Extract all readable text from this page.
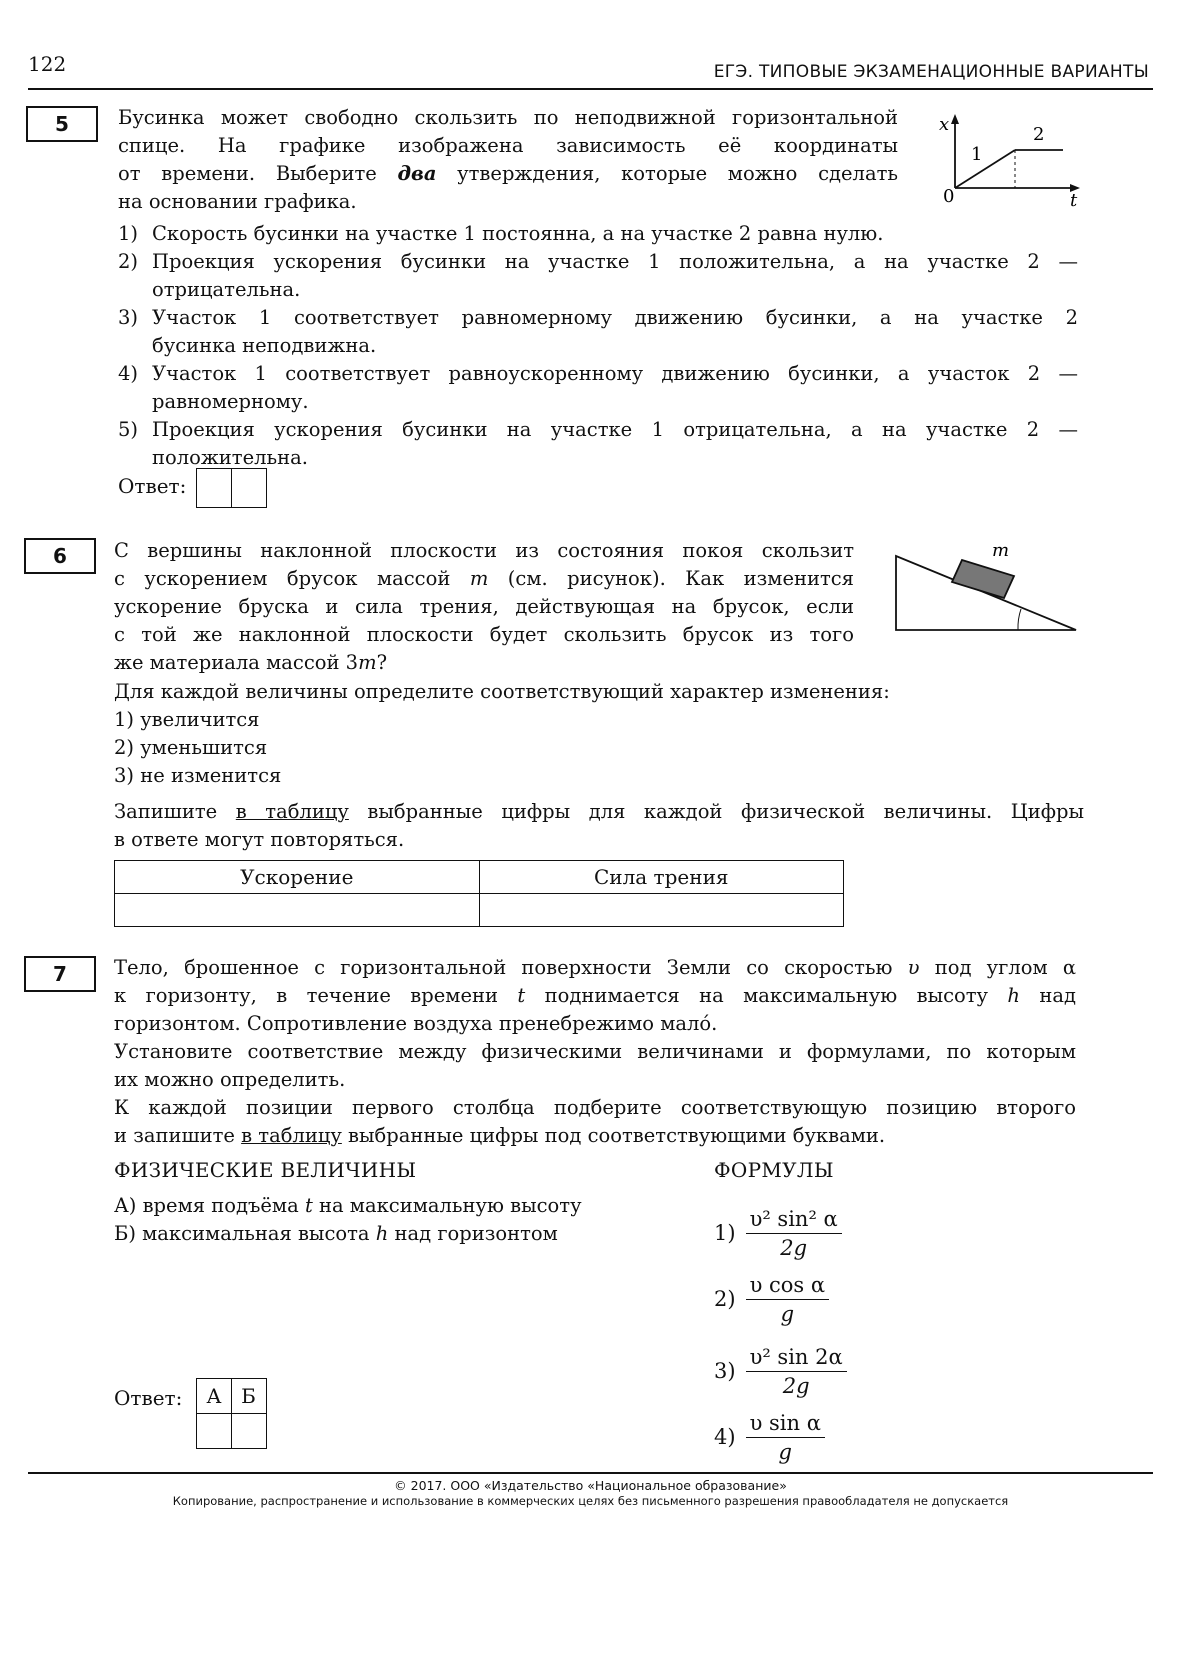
122	ЕГЭ. ТИПОВЫЕ ЭКЗАМЕНАЦИОННЫЕ ВАРИАНТЫ
5	Бусинка может свободно скользить по неподвижной горизонтальной
спице. На графике изображена зависимость её координаты
от времени. Выберите два утверждения, которые можно сделать
на основании графика.
x
t
0
1
2
1) Скорость бусинки на участке 1 постоянна, а на участке 2 равна нулю.
2) Проекция ускорения бусинки на участке 1 положительна, а на участке 2 —
отрицательна.
3) Участок 1 соответствует равномерному движению бусинки, а на участке 2
бусинка неподвижна.
4) Участок 1 соответствует равноускоренному движению бусинки, а участок 2 —
равномерному.
5) Проекция ускорения бусинки на участке 1 отрицательна, а на участке 2 —
положительна.
Ответ:
6	С вершины наклонной плоскости из состояния покоя скользит
с ускорением брусок массой m (см. рисунок). Как изменится
ускорение бруска и сила трения, действующая на брусок, если
с той же наклонной плоскости будет скользить брусок из того
же материала массой 3m?
m
Для каждой величины определите соответствующий характер изменения:
1) увеличится
2) уменьшится
3) не изменится
Запишите в таблицу выбранные цифры для каждой физической величины. Цифры
в ответе могут повторяться.
Ускорение	Сила трения

7	Тело, брошенное с горизонтальной поверхности Земли со скоростью υ под углом α
к горизонту, в течение времени t поднимается на максимальную высоту h над
горизонтом. Сопротивление воздуха пренебрежимо мало́.
Установите соответствие между физическими величинами и формулами, по которым
их можно определить.
К каждой позиции первого столбца подберите соответствующую позицию второго
и запишите в таблицу выбранные цифры под соответствующими буквами.
ФИЗИЧЕСКИЕ ВЕЛИЧИНЫ	ФОРМУЛЫ
А) время подъёма t на максимальную высоту
Б) максимальная высота h над горизонтом	$1) \frac{\text{υ² sin² α}}{2g}$
$2) \frac{\text{υ cos α}}{g}$
$3) \frac{\text{υ² sin 2α}}{2g}$
$4) \frac{\text{υ sin α}}{g}$
Ответ:	А Б
© 2017. ООО «Издательство «Национальное образование»
Копирование, распространение и использование в коммерческих целях без письменного разрешения правообладателя не допускается
